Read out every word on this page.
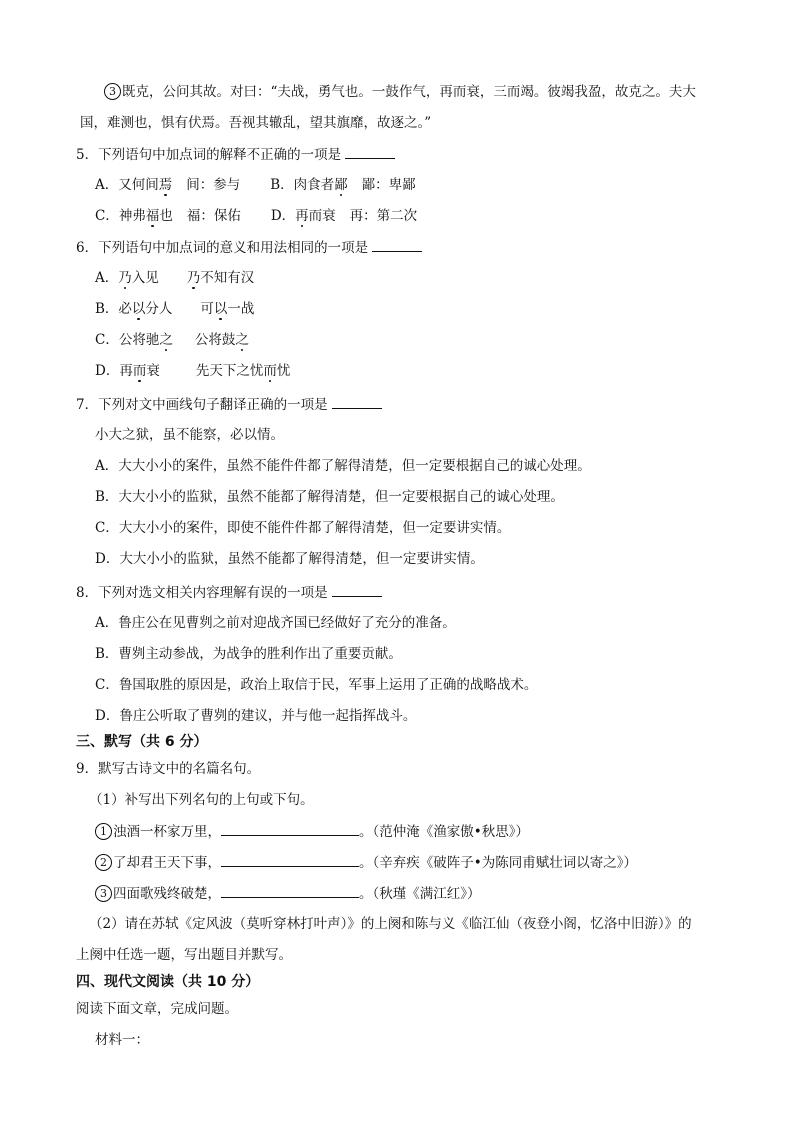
3 既克，公问其故。对曰：“夫战，勇气也。一鼓作气，再而衰，三而竭。彼竭我盈，故克之。夫大
国，难测也，惧有伏焉。吾视其辙乱，望其旗靡，故逐之。”
5．下列语句中加点词的解释不正确的一项是
A．又何间焉 间：参与 B．肉食者鄙 鄙：卑鄙
C．神弗福也 福：保佑 D．再而衰 再：第二次
6．下列语句中加点词的意义和用法相同的一项是
A．乃入见 乃不知有汉
B．必以分人 可以一战
C．公将驰之 公将鼓之
D．再而衰	先天下之忧而忧
7．下列对文中画线句子翻译正确的一项是
小大之狱，虽不能察，必以情。
A．大大小小的案件，虽然不能件件都了解得清楚，但一定要根据自己的诚心处理。
B．大大小小的监狱，虽然不能都了解得清楚，但一定要根据自己的诚心处理。
C．大大小小的案件，即使不能件件都了解得清楚，但一定要讲实情。
D．大大小小的监狱，虽然不能都了解得清楚，但一定要讲实情。
8．下列对选文相关内容理解有误的一项是
A．鲁庄公在见曹刿之前对迎战齐国已经做好了充分的准备。
B．曹刿主动参战，为战争的胜利作出了重要贡献。
C．鲁国取胜的原因是，政治上取信于民，军事上运用了正确的战略战术。
D．鲁庄公听取了曹刿的建议，并与他一起指挥战斗。
三、默写（共 6 分）
9．默写古诗文中的名篇名句。
（1）补写出下列名句的上句或下句。
1 浊酒一杯家万里，	。（范仲淹《渔家傲•秋思》）
2 了却君王天下事，	。（辛弃疾《破阵子•为陈同甫赋壮词以寄之》）
3 四面歌残终破楚，	。（秋瑾《满江红》）
（2）请在苏轼《定风波（莫听穿林打叶声）》的上阕和陈与义《临江仙（夜登小阁，忆洛中旧游）》的
上阕中任选一题，写出题目并默写。
四、现代文阅读（共 10 分）
阅读下面文章，完成问题。
材料一：
